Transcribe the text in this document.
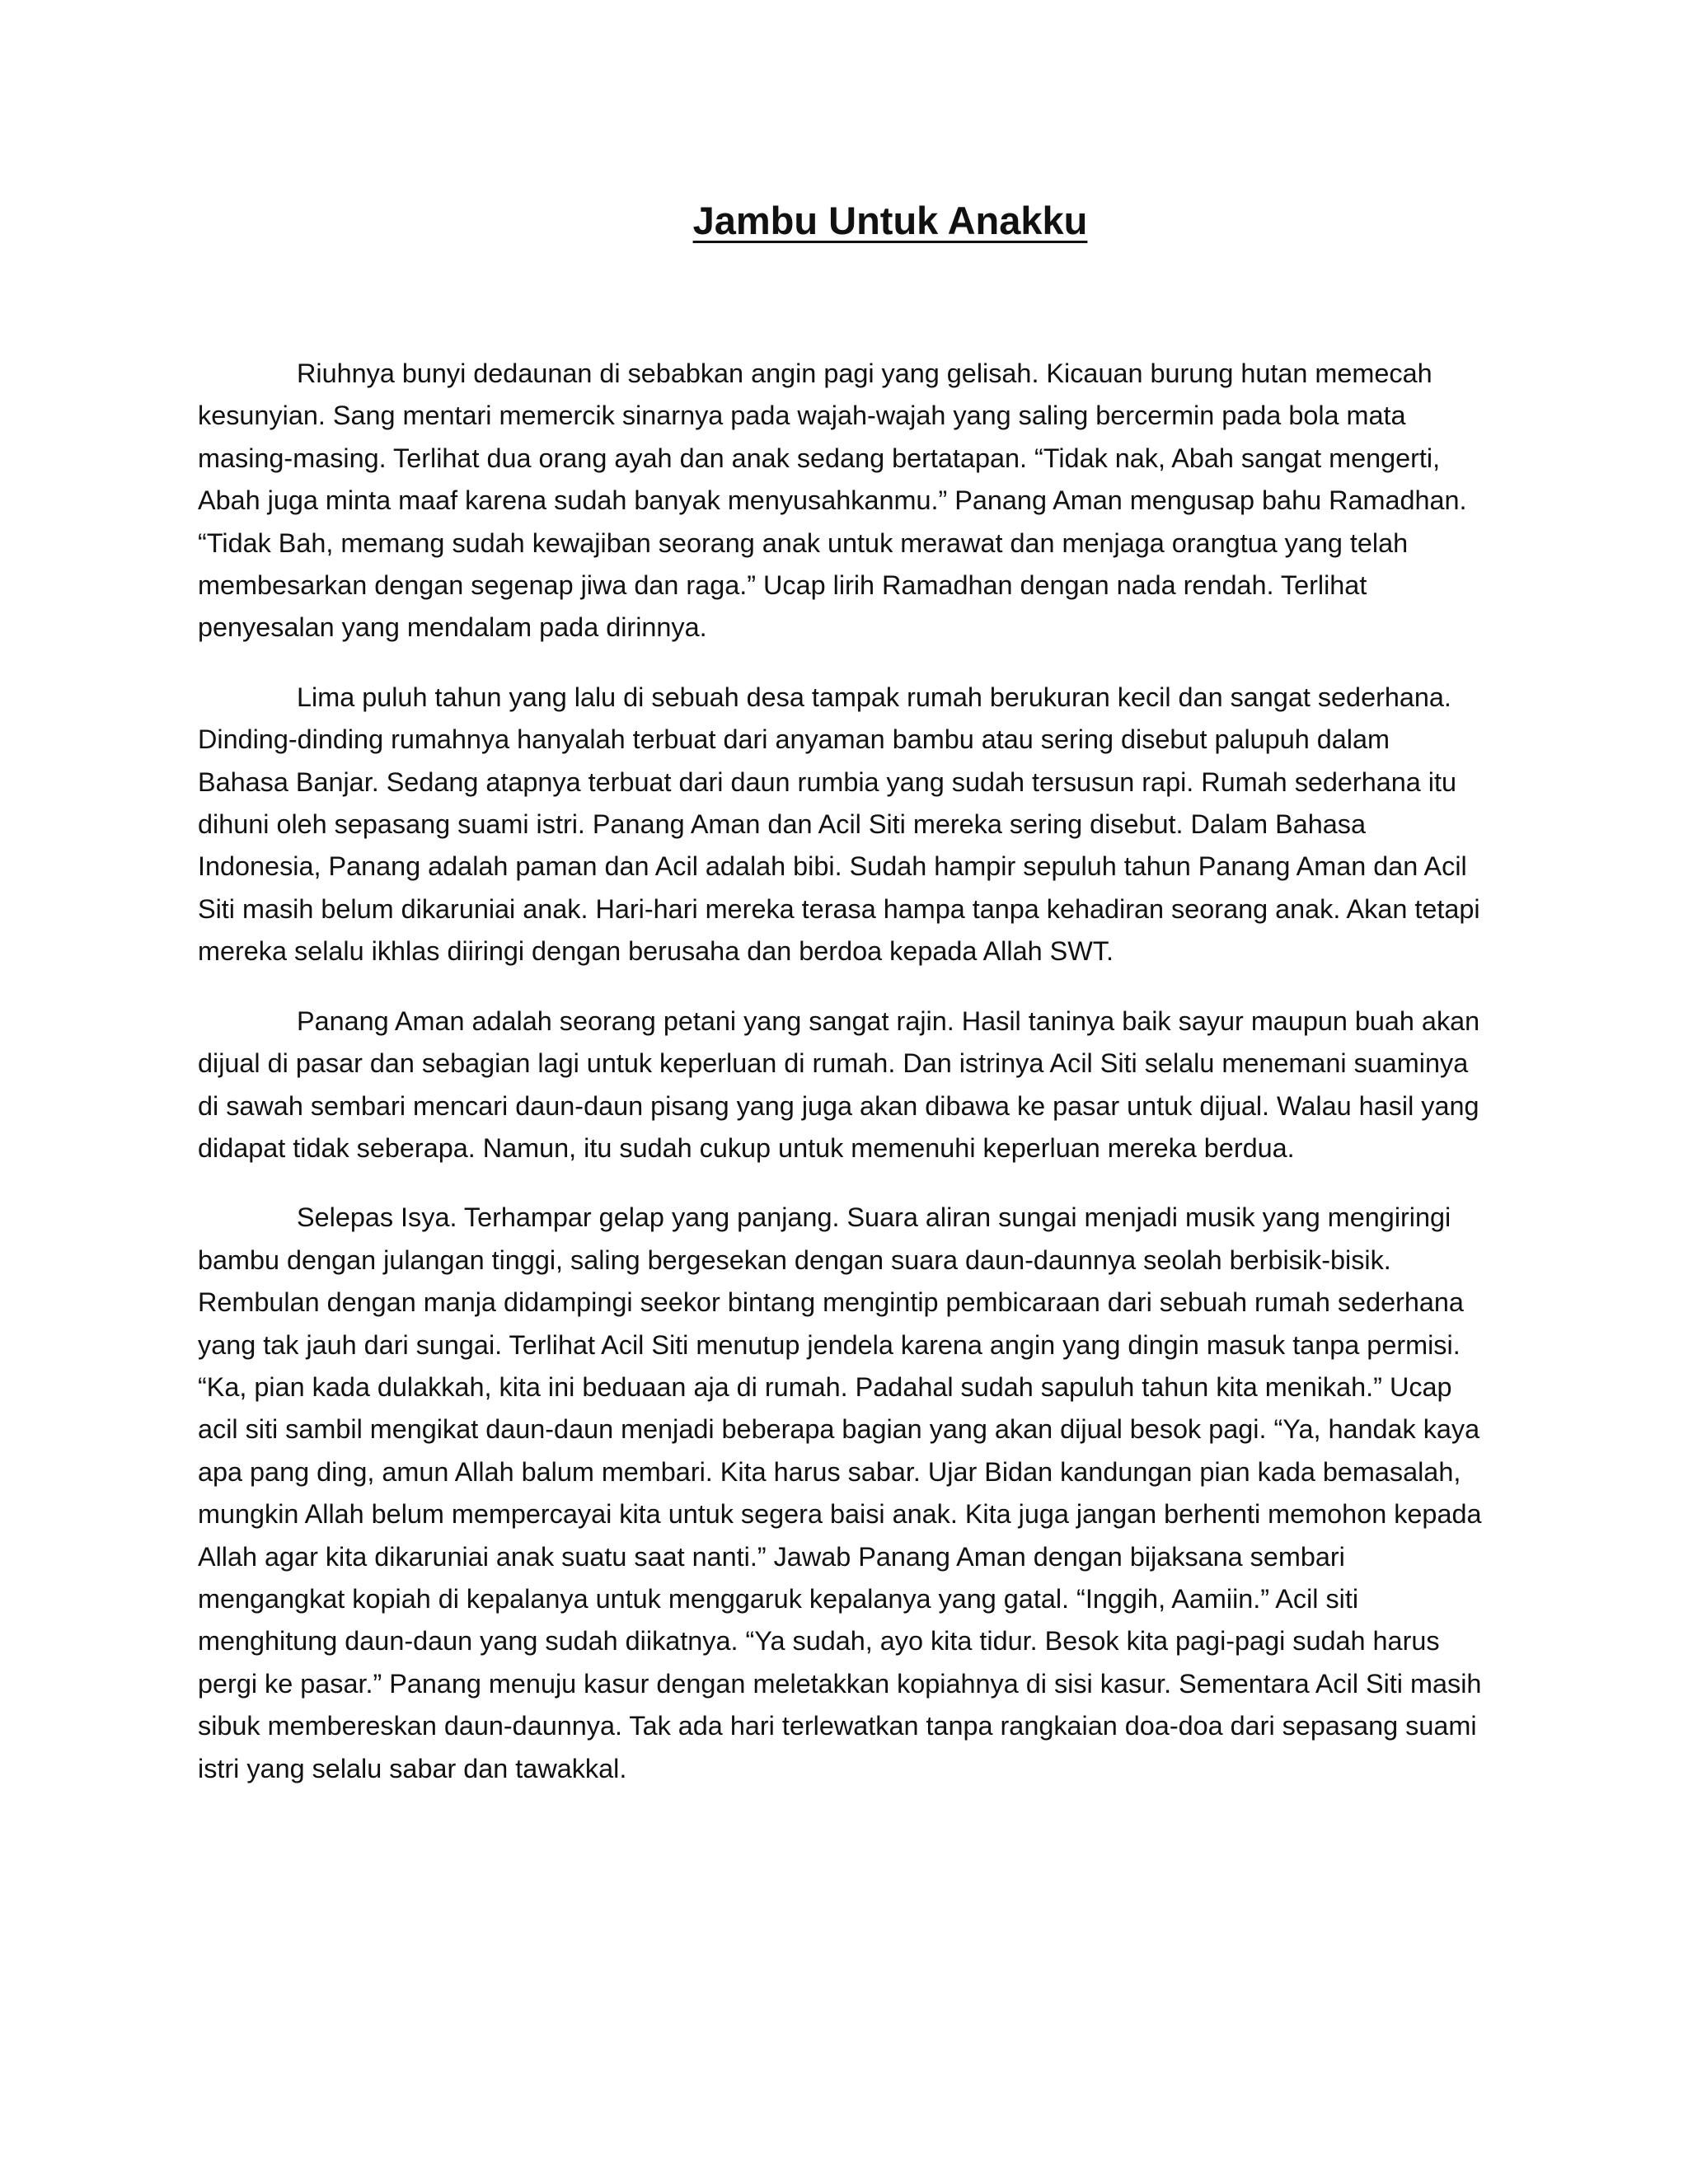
Jambu Untuk Anakku

Riuhnya bunyi dedaunan di sebabkan angin pagi yang gelisah. Kicauan burung hutan memecah kesunyian. Sang mentari memercik sinarnya pada wajah-wajah yang saling bercermin pada bola mata masing-masing. Terlihat dua orang ayah dan anak sedang bertatapan. “Tidak nak, Abah sangat mengerti, Abah juga minta maaf karena sudah banyak menyusahkanmu.” Panang Aman mengusap bahu Ramadhan. “Tidak Bah, memang sudah kewajiban seorang anak untuk merawat dan menjaga orangtua yang telah membesarkan dengan segenap jiwa dan raga.” Ucap lirih Ramadhan dengan nada rendah. Terlihat penyesalan yang mendalam pada dirinnya.

Lima puluh tahun yang lalu di sebuah desa tampak rumah berukuran kecil dan sangat sederhana. Dinding-dinding rumahnya hanyalah terbuat dari anyaman bambu atau sering disebut palupuh dalam Bahasa Banjar. Sedang atapnya terbuat dari daun rumbia yang sudah tersusun rapi. Rumah sederhana itu dihuni oleh sepasang suami istri. Panang Aman dan Acil Siti mereka sering disebut. Dalam Bahasa Indonesia, Panang adalah paman dan Acil adalah bibi. Sudah hampir sepuluh tahun Panang Aman dan Acil Siti masih belum dikaruniai anak. Hari-hari mereka terasa hampa tanpa kehadiran seorang anak. Akan tetapi mereka selalu ikhlas diiringi dengan berusaha dan berdoa kepada Allah SWT.

Panang Aman adalah seorang petani yang sangat rajin. Hasil taninya baik sayur maupun buah akan dijual di pasar dan sebagian lagi untuk keperluan di rumah. Dan istrinya Acil Siti selalu menemani suaminya di sawah sembari mencari daun-daun pisang yang juga akan dibawa ke pasar untuk dijual. Walau hasil yang didapat tidak seberapa. Namun, itu sudah cukup untuk memenuhi keperluan mereka berdua.

Selepas Isya. Terhampar gelap yang panjang. Suara aliran sungai menjadi musik yang mengiringi bambu dengan julangan tinggi, saling bergesekan dengan suara daun-daunnya seolah berbisik-bisik. Rembulan dengan manja didampingi seekor bintang mengintip pembicaraan dari sebuah rumah sederhana yang tak jauh dari sungai. Terlihat Acil Siti menutup jendela karena angin yang dingin masuk tanpa permisi. “Ka, pian kada dulakkah, kita ini beduaan aja di rumah. Padahal sudah sapuluh tahun kita menikah.” Ucap acil siti sambil mengikat daun-daun menjadi beberapa bagian yang akan dijual besok pagi. “Ya, handak kaya apa pang ding, amun Allah balum membari. Kita harus sabar. Ujar Bidan kandungan pian kada bemasalah, mungkin Allah belum mempercayai kita untuk segera baisi anak. Kita juga jangan berhenti memohon kepada Allah agar kita dikaruniai anak suatu saat nanti.” Jawab Panang Aman dengan bijaksana sembari mengangkat kopiah di kepalanya untuk menggaruk kepalanya yang gatal. “Inggih, Aamiin.” Acil siti menghitung daun-daun yang sudah diikatnya. “Ya sudah, ayo kita tidur. Besok kita pagi-pagi sudah harus pergi ke pasar.” Panang menuju kasur dengan meletakkan kopiahnya di sisi kasur. Sementara Acil Siti masih sibuk membereskan daun-daunnya. Tak ada hari terlewatkan tanpa rangkaian doa-doa dari sepasang suami istri yang selalu sabar dan tawakkal.
